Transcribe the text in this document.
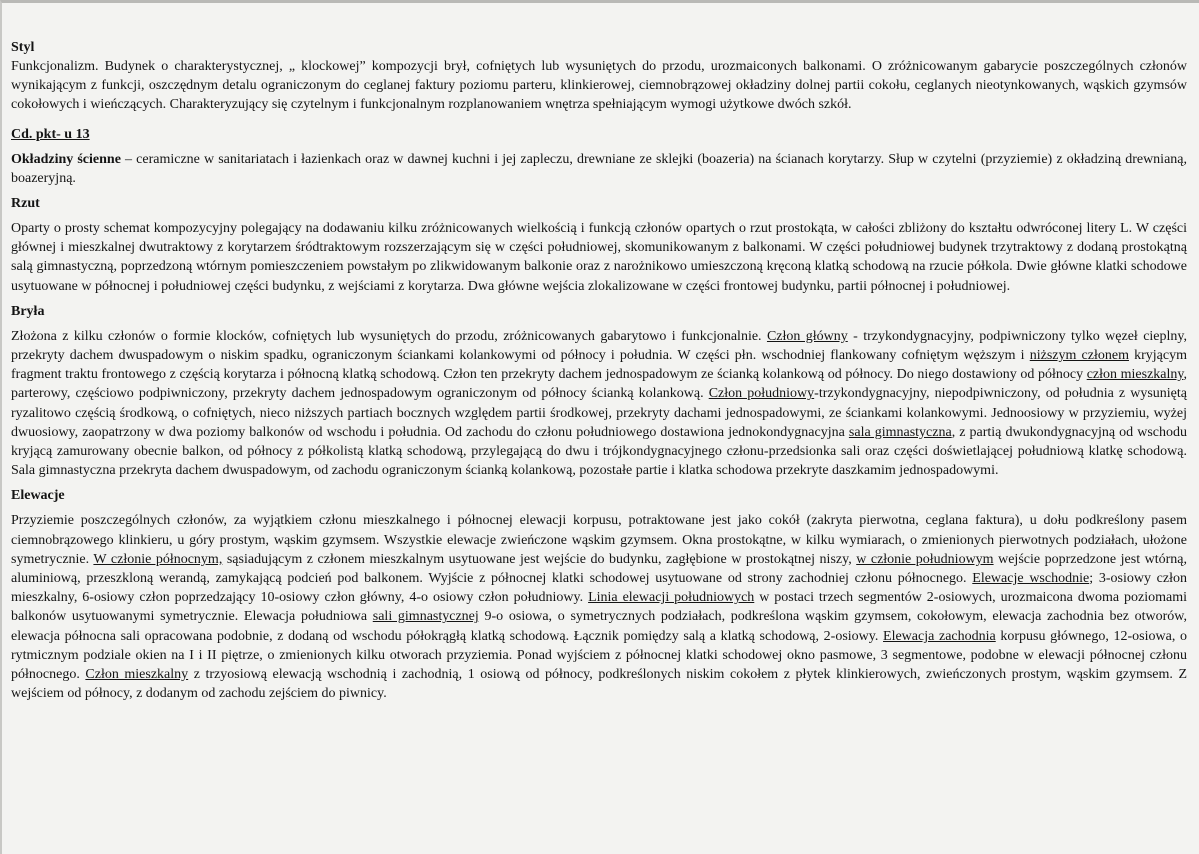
Styl

Funkcjonalizm. Budynek o charakterystycznej, „ klockowej” kompozycji brył, cofniętych lub wysuniętych do przodu, urozmaiconych balkonami. O zróżnicowanym gabarycie poszczególnych członów wynikającym z funkcji, oszczędnym detalu ograniczonym do ceglanej faktury poziomu parteru, klinkierowej, ciemnobrązowej okładziny dolnej partii cokołu, ceglanych nieotynkowanych, wąskich gzymsów cokołowych i wieńczących. Charakteryzujący się czytelnym i funkcjonalnym rozplanowaniem wnętrza spełniającym wymogi użytkowe dwóch szkół.

Cd. pkt- u 13

Okładziny ścienne – ceramiczne w sanitariatach i łazienkach oraz w dawnej kuchni i jej zapleczu, drewniane ze sklejki (boazeria) na ścianach korytarzy. Słup w czytelni (przyziemie) z okładziną drewnianą, boazeryjną.

Rzut

Oparty o prosty schemat kompozycyjny polegający na dodawaniu kilku zróżnicowanych wielkością i funkcją członów opartych o rzut prostokąta, w całości zbliżony do kształtu odwróconej litery L. W części głównej i mieszkalnej dwutraktowy z korytarzem śródtraktowym rozszerzającym się w części południowej, skomunikowanym z balkonami. W części południowej budynek trzytraktowy z dodaną prostokątną salą gimnastyczną, poprzedzoną wtórnym pomieszczeniem powstałym po zlikwidowanym balkonie oraz z narożnikowo umieszczoną kręconą klatką schodową na rzucie półkola. Dwie główne klatki schodowe usytuowane w północnej i południowej części budynku, z wejściami z korytarza. Dwa główne wejścia zlokalizowane w części frontowej budynku, partii północnej i południowej.

Bryła

Złożona z kilku członów o formie klocków, cofniętych lub wysuniętych do przodu, zróżnicowanych gabarytowo i funkcjonalnie. Człon główny - trzykondygnacyjny, podpiwniczony tylko węzeł cieplny, przekryty dachem dwuspadowym o niskim spadku, ograniczonym ściankami kolankowymi od północy i południa. W części płn. wschodniej flankowany cofniętym węższym i niższym członem kryjącym fragment traktu frontowego z częścią korytarza i północną klatką schodową. Człon ten przekryty dachem jednospadowym ze ścianką kolankową od północy. Do niego dostawiony od północy człon mieszkalny, parterowy, częściowo podpiwniczony, przekryty dachem jednospadowym ograniczonym od północy ścianką kolankową. Człon południowy-trzykondygnacyjny, niepodpiwniczony, od południa z wysuniętą ryzalitowo częścią środkową, o cofniętych, nieco niższych partiach bocznych względem partii środkowej, przekryty dachami jednospadowymi, ze ściankami kolankowymi. Jednoosiowy w przyziemiu, wyżej dwuosiowy, zaopatrzony w dwa poziomy balkonów od wschodu i południa. Od zachodu do członu południowego dostawiona jednokondygnacyjna sala gimnastyczna, z partią dwukondygnacyjną od wschodu kryjącą zamurowany obecnie balkon, od północy z półkolistą klatką schodową, przylegającą do dwu i trójkondygnacyjnego członu-przedsionka sali oraz części doświetlającej południową klatkę schodową. Sala gimnastyczna przekryta dachem dwuspadowym, od zachodu ograniczonym ścianką kolankową, pozostałe partie i klatka schodowa przekryte daszkamim jednospadowymi.

Elewacje

Przyziemie poszczególnych członów, za wyjątkiem członu mieszkalnego i północnej elewacji korpusu, potraktowane jest jako cokół (zakryta pierwotna, ceglana faktura), u dołu podkreślony pasem ciemnobrązowego klinkieru, u góry prostym, wąskim gzymsem. Wszystkie elewacje zwieńczone wąskim gzymsem. Okna prostokątne, w kilku wymiarach, o zmienionych pierwotnych podziałach, ułożone symetrycznie. W członie północnym, sąsiadującym z członem mieszkalnym usytuowane jest wejście do budynku, zagłębione w prostokątnej niszy, w członie południowym wejście poprzedzone jest wtórną, aluminiową, przeszkloną werandą, zamykającą podcień pod balkonem. Wyjście z północnej klatki schodowej usytuowane od strony zachodniej członu północnego. Elewacje wschodnie; 3-osiowy człon mieszkalny, 6-osiowy człon poprzedzający 10-osiowy człon główny, 4-o osiowy człon południowy. Linia elewacji południowych w postaci trzech segmentów 2-osiowych, urozmaicona dwoma poziomami balkonów usytuowanymi symetrycznie. Elewacja południowa sali gimnastycznej 9-o osiowa, o symetrycznych podziałach, podkreślona wąskim gzymsem, cokołowym, elewacja zachodnia bez otworów, elewacja północna sali opracowana podobnie, z dodaną od wschodu półokrągłą klatką schodową. Łącznik pomiędzy salą a klatką schodową, 2-osiowy. Elewacja zachodnia korpusu głównego, 12-osiowa, o rytmicznym podziale okien na I i II piętrze, o zmienionych kilku otworach przyziemia. Ponad wyjściem z północnej klatki schodowej okno pasmowe, 3 segmentowe, podobne w elewacji północnej członu północnego. Człon mieszkalny z trzyosiową elewacją wschodnią i zachodnią, 1 osiową od północy, podkreślonych niskim cokołem z płytek klinkierowych, zwieńczonych prostym, wąskim gzymsem. Z wejściem od północy, z dodanym od zachodu zejściem do piwnicy.
